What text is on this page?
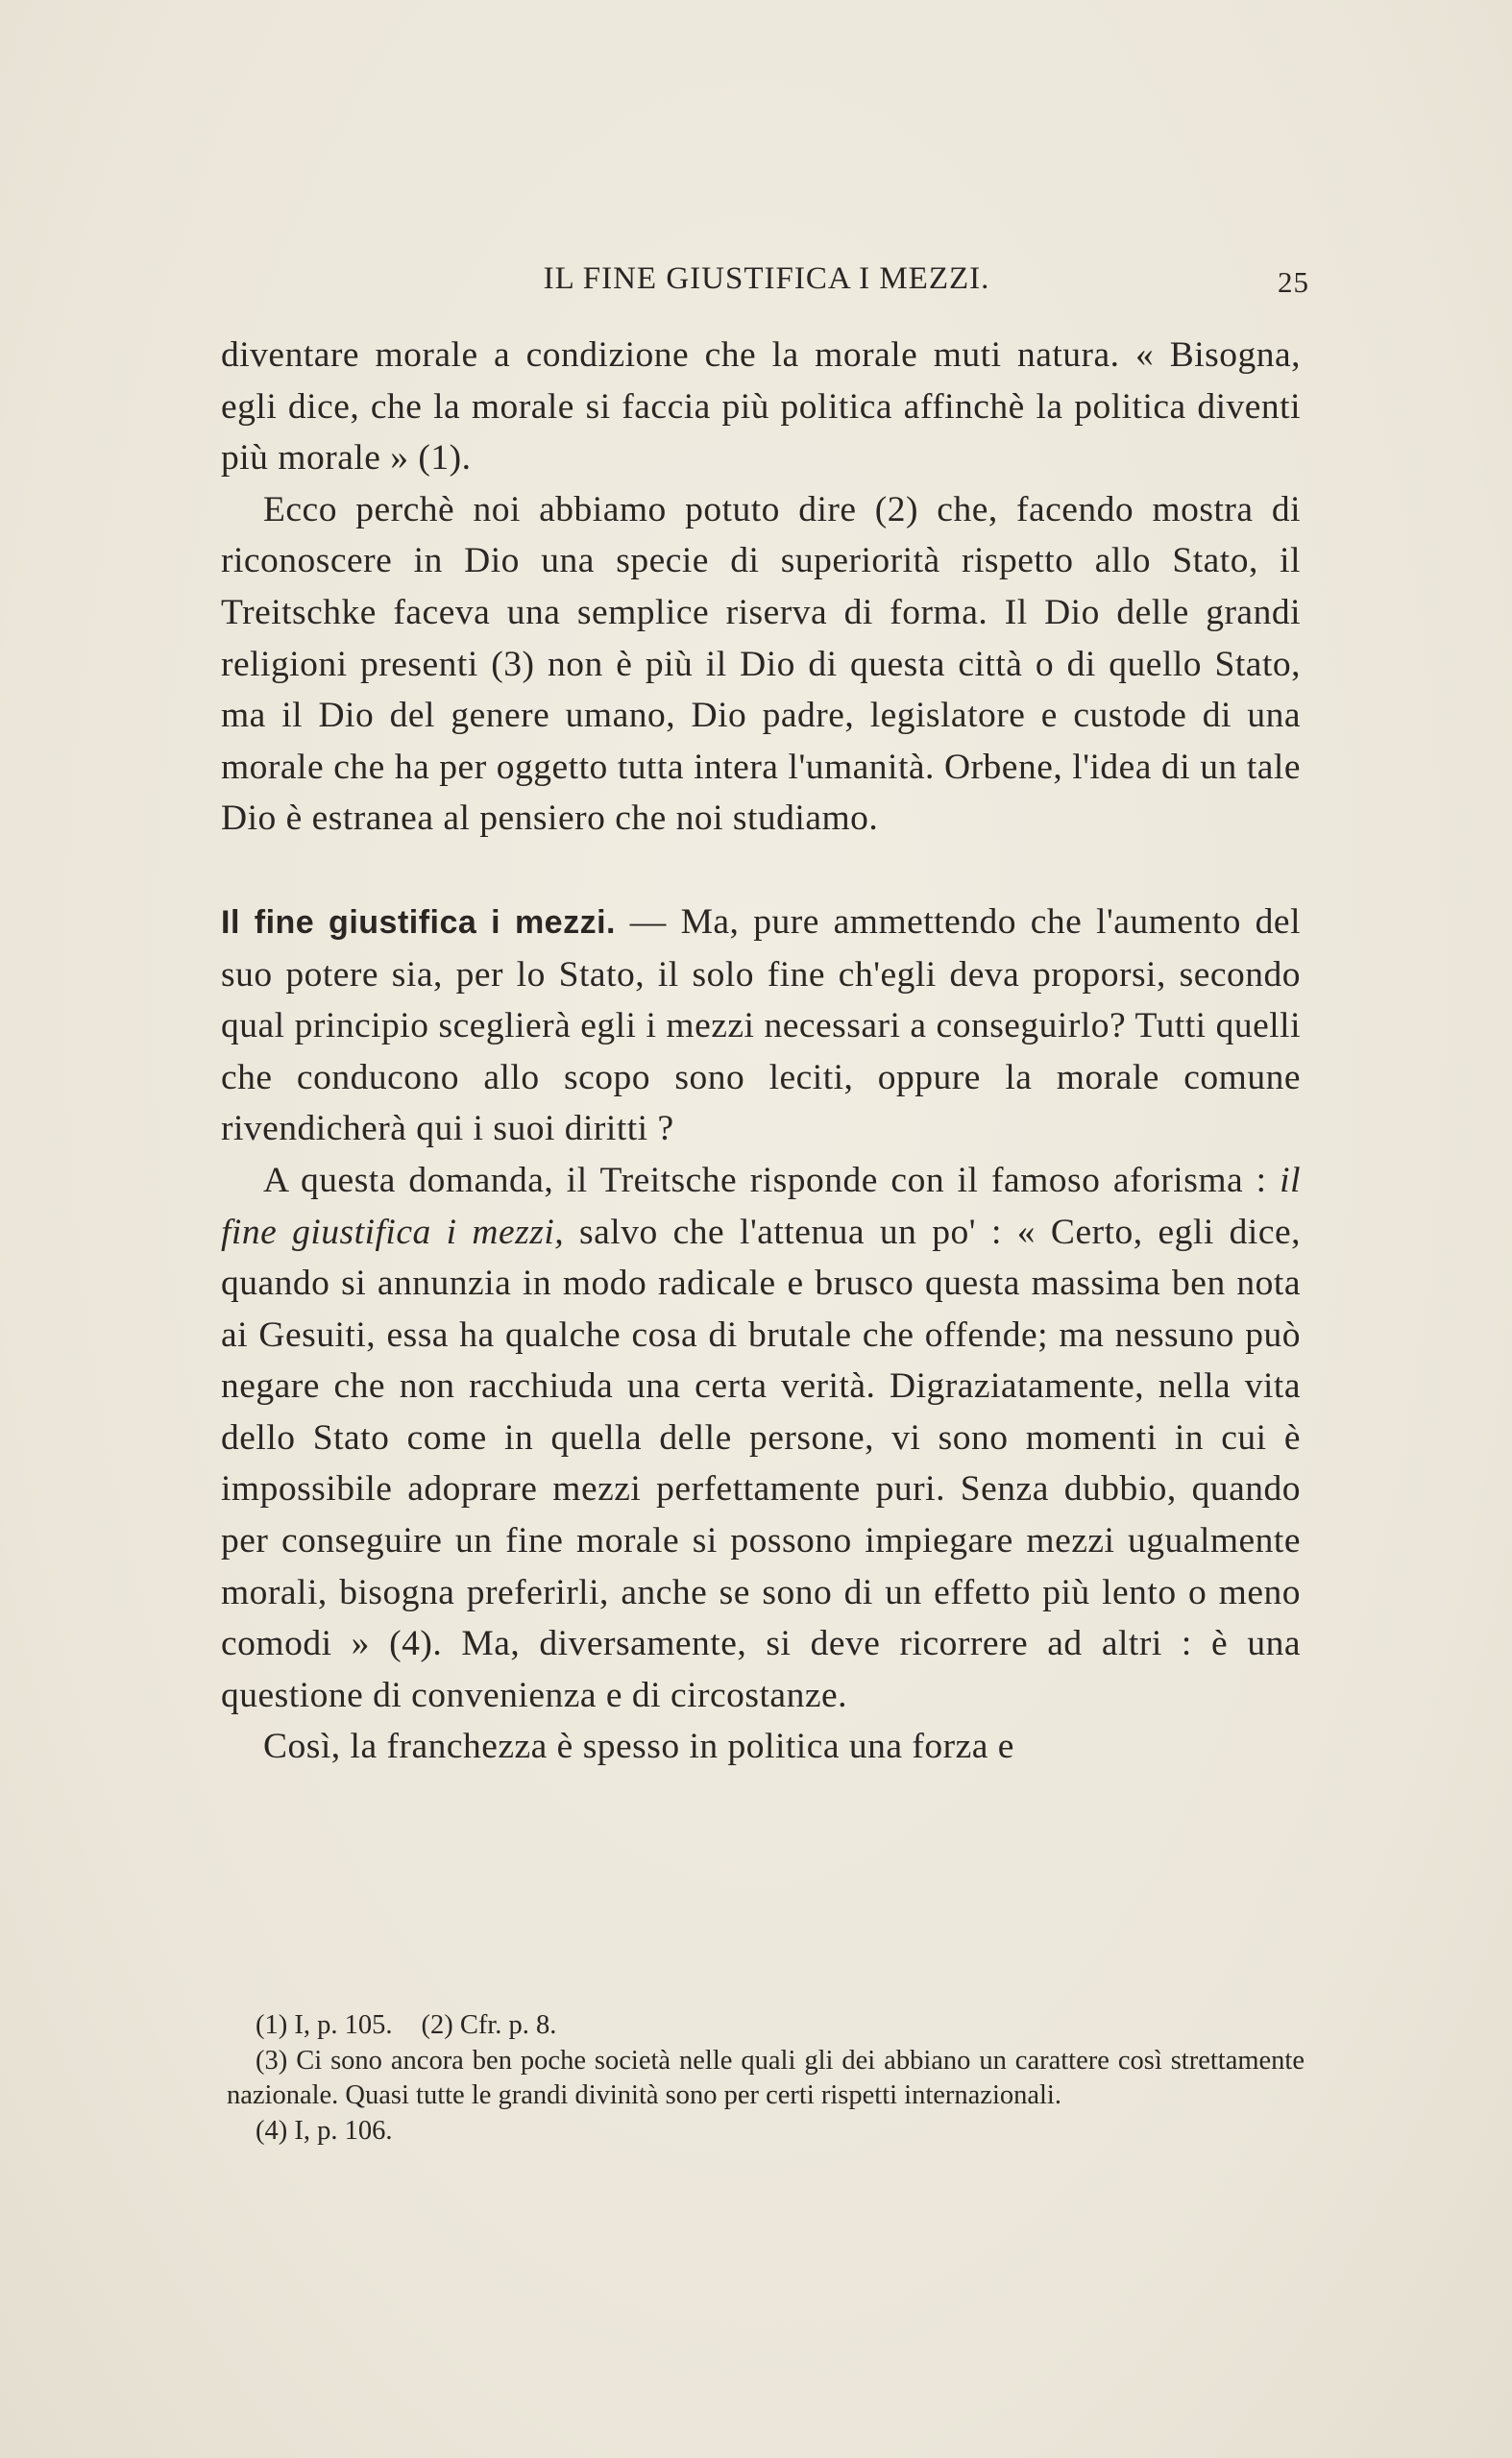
IL FINE GIUSTIFICA I MEZZI.	25

diventare morale a condizione che la morale muti natura. « Bisogna, egli dice, che la morale si faccia più politica affinchè la politica diventi più morale » (1).

Ecco perchè noi abbiamo potuto dire (2) che, facendo mostra di riconoscere in Dio una specie di superiorità rispetto allo Stato, il Treitschke faceva una semplice riserva di forma. Il Dio delle grandi religioni presenti (3) non è più il Dio di questa città o di quello Stato, ma il Dio del genere umano, Dio padre, legislatore e custode di una morale che ha per oggetto tutta intera l'umanità. Orbene, l'idea di un tale Dio è estranea al pensiero che noi studiamo.

Il fine giustifica i mezzi. — Ma, pure ammettendo che l'aumento del suo potere sia, per lo Stato, il solo fine ch'egli deva proporsi, secondo qual principio sceglierà egli i mezzi necessari a conseguirlo? Tutti quelli che conducono allo scopo sono leciti, oppure la morale comune rivendicherà qui i suoi diritti ?

A questa domanda, il Treitsche risponde con il famoso aforisma : il fine giustifica i mezzi, salvo che l'attenua un po' : « Certo, egli dice, quando si annunzia in modo radicale e brusco questa massima ben nota ai Gesuiti, essa ha qualche cosa di brutale che offende; ma nessuno può negare che non racchiuda una certa verità. Digraziatamente, nella vita dello Stato come in quella delle persone, vi sono momenti in cui è impossibile adoprare mezzi perfettamente puri. Senza dubbio, quando per conseguire un fine morale si possono impiegare mezzi ugualmente morali, bisogna preferirli, anche se sono di un effetto più lento o meno comodi » (4). Ma, diversamente, si deve ricorrere ad altri : è una questione di convenienza e di circostanze.

Così, la franchezza è spesso in politica una forza e

(1) I, p. 105. (2) Cfr. p. 8.

(3) Ci sono ancora ben poche società nelle quali gli dei abbiano un carattere così strettamente nazionale. Quasi tutte le grandi divinità sono per certi rispetti internazionali.

(4) I, p. 106.
